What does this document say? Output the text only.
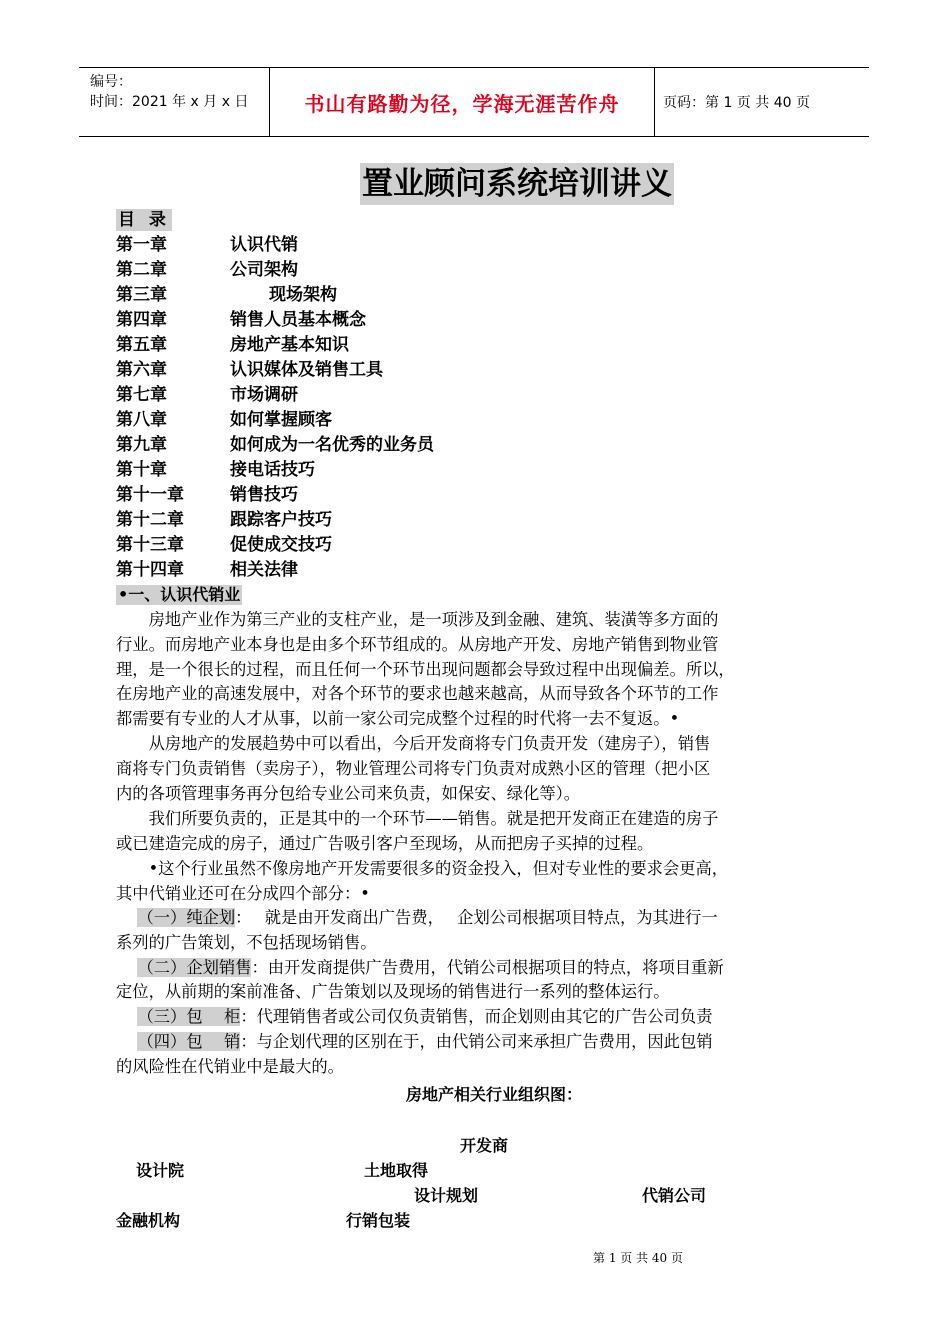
编号：
时间：2021 年 x 月 x 日	书山有路勤为径，学海无涯苦作舟	页码：第 1 页 共 40 页
置业顾问系统培训讲义
目 录
第一章	认识代销
第二章	公司架构
第三章	现场架构
第四章	销售人员基本概念
第五章	房地产基本知识
第六章	认识媒体及销售工具
第七章	市场调研
第八章	如何掌握顾客
第九章	如何成为一名优秀的业务员
第十章	接电话技巧
第十一章	销售技巧
第十二章	跟踪客户技巧
第十三章	促使成交技巧
第十四章	相关法律
•一、认识代销业
　　房地产业作为第三产业的支柱产业，是一项涉及到金融、建筑、装潢等多方面的
行业。而房地产业本身也是由多个环节组成的。从房地产开发、房地产销售到物业管
理，是一个很长的过程，而且任何一个环节出现问题都会导致过程中出现偏差。所以，
在房地产业的高速发展中，对各个环节的要求也越来越高，从而导致各个环节的工作
都需要有专业的人才从事，以前一家公司完成整个过程的时代将一去不复返。•
　　从房地产的发展趋势中可以看出，今后开发商将专门负责开发（建房子），销售
商将专门负责销售（卖房子），物业管理公司将专门负责对成熟小区的管理（把小区
内的各项管理事务再分包给专业公司来负责，如保安、绿化等）。
　　我们所要负责的，正是其中的一个环节——销售。就是把开发商正在建造的房子
或已建造完成的房子，通过广告吸引客户至现场，从而把房子买掉的过程。
　　•这个行业虽然不像房地产开发需要很多的资金投入，但对专业性的要求会更高，
其中代销业还可在分成四个部分：•
　 （一）纯企划：　 就是由开发商出广告费，　 企划公司根据项目特点，为其进行一
系列的广告策划，不包括现场销售。
　 （二）企划销售：由开发商提供广告费用，代销公司根据项目的特点，将项目重新
定位，从前期的案前准备、广告策划以及现场的销售进行一系列的整体运行。
　 （三）包　 柜：代理销售者或公司仅负责销售，而企划则由其它的广告公司负责
　 （四）包　 销：与企划代理的区别在于，由代销公司来承担广告费用，因此包销
的风险性在代销业中是最大的。
房地产相关行业组织图：
开发商
设计院	土地取得
设计规划	代销公司
金融机构	行销包装
第 1 页 共 40 页
